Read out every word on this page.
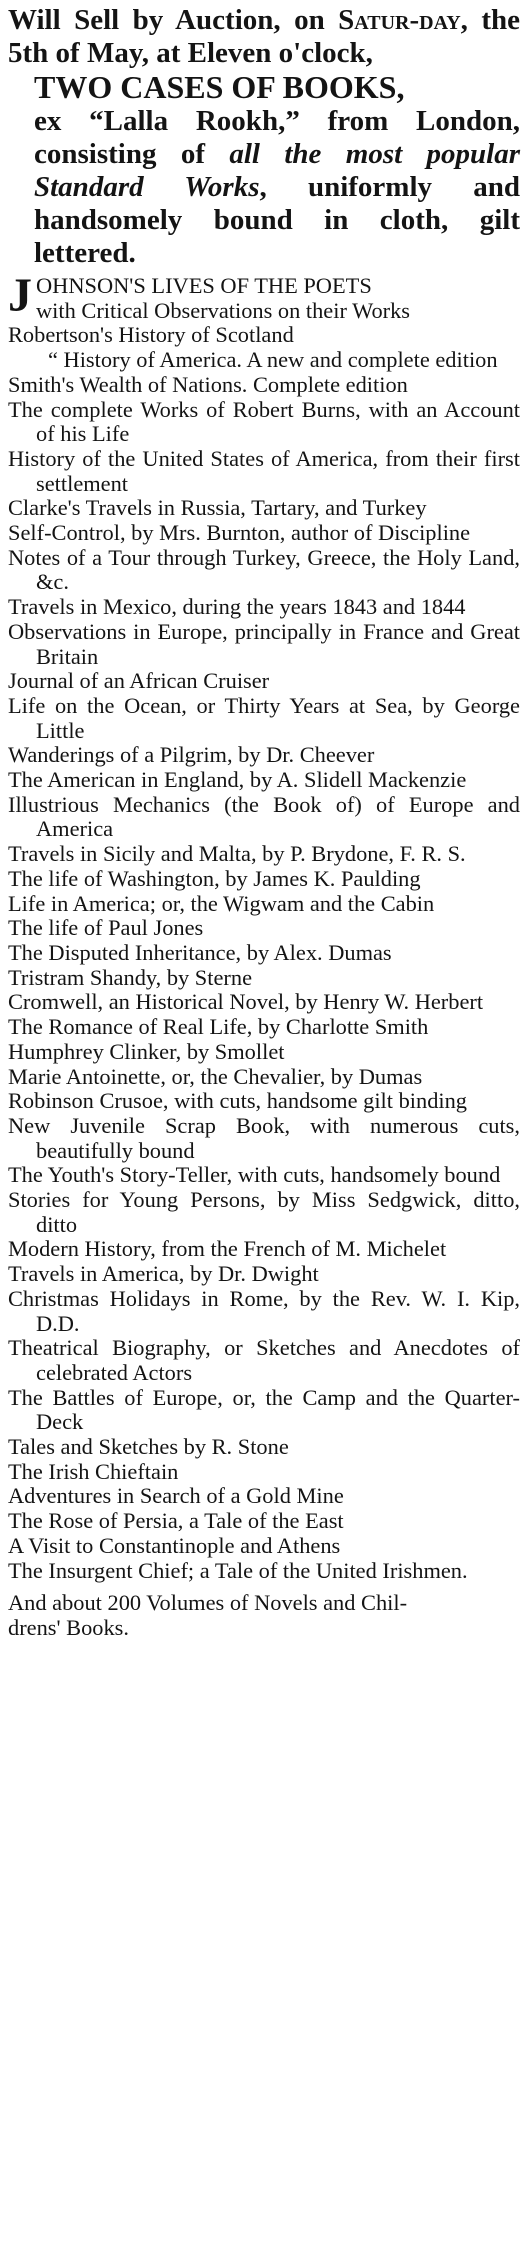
Will Sell by Auction, on Satur-day, the 5th of May, at Eleven o'clock,
TWO CASES OF BOOKS,
ex “Lalla Rookh,” from London, consisting of all the most popular Standard Works, uniformly and handsomely bound in cloth, gilt lettered.
J OHNSON'S LIVES OF THE POETS
with Critical Observations on their Works
Robertson's History of Scotland
“ History of America. A new and complete edition
Smith's Wealth of Nations. Complete edition
The complete Works of Robert Burns, with an Account of his Life
History of the United States of America, from their first settlement
Clarke's Travels in Russia, Tartary, and Turkey
Self-Control, by Mrs. Burnton, author of Discipline
Notes of a Tour through Turkey, Greece, the Holy Land, &c.
Travels in Mexico, during the years 1843 and 1844
Observations in Europe, principally in France and Great Britain
Journal of an African Cruiser
Life on the Ocean, or Thirty Years at Sea, by George Little
Wanderings of a Pilgrim, by Dr. Cheever
The American in England, by A. Slidell Mackenzie
Illustrious Mechanics (the Book of) of Europe and America
Travels in Sicily and Malta, by P. Brydone, F. R. S.
The life of Washington, by James K. Paulding
Life in America; or, the Wigwam and the Cabin
The life of Paul Jones
The Disputed Inheritance, by Alex. Dumas
Tristram Shandy, by Sterne
Cromwell, an Historical Novel, by Henry W. Herbert
The Romance of Real Life, by Charlotte Smith
Humphrey Clinker, by Smollet
Marie Antoinette, or, the Chevalier, by Dumas
Robinson Crusoe, with cuts, handsome gilt binding
New Juvenile Scrap Book, with numerous cuts, beautifully bound
The Youth's Story-Teller, with cuts, handsomely bound
Stories for Young Persons, by Miss Sedgwick, ditto, ditto
Modern History, from the French of M. Michelet
Travels in America, by Dr. Dwight
Christmas Holidays in Rome, by the Rev. W. I. Kip, D.D.
Theatrical Biography, or Sketches and Anecdotes of celebrated Actors
The Battles of Europe, or, the Camp and the Quarter-Deck
Tales and Sketches by R. Stone
The Irish Chieftain
Adventures in Search of a Gold Mine
The Rose of Persia, a Tale of the East
A Visit to Constantinople and Athens
The Insurgent Chief; a Tale of the United Irishmen.
And about 200 Volumes of Novels and Chil-
drens' Books.
